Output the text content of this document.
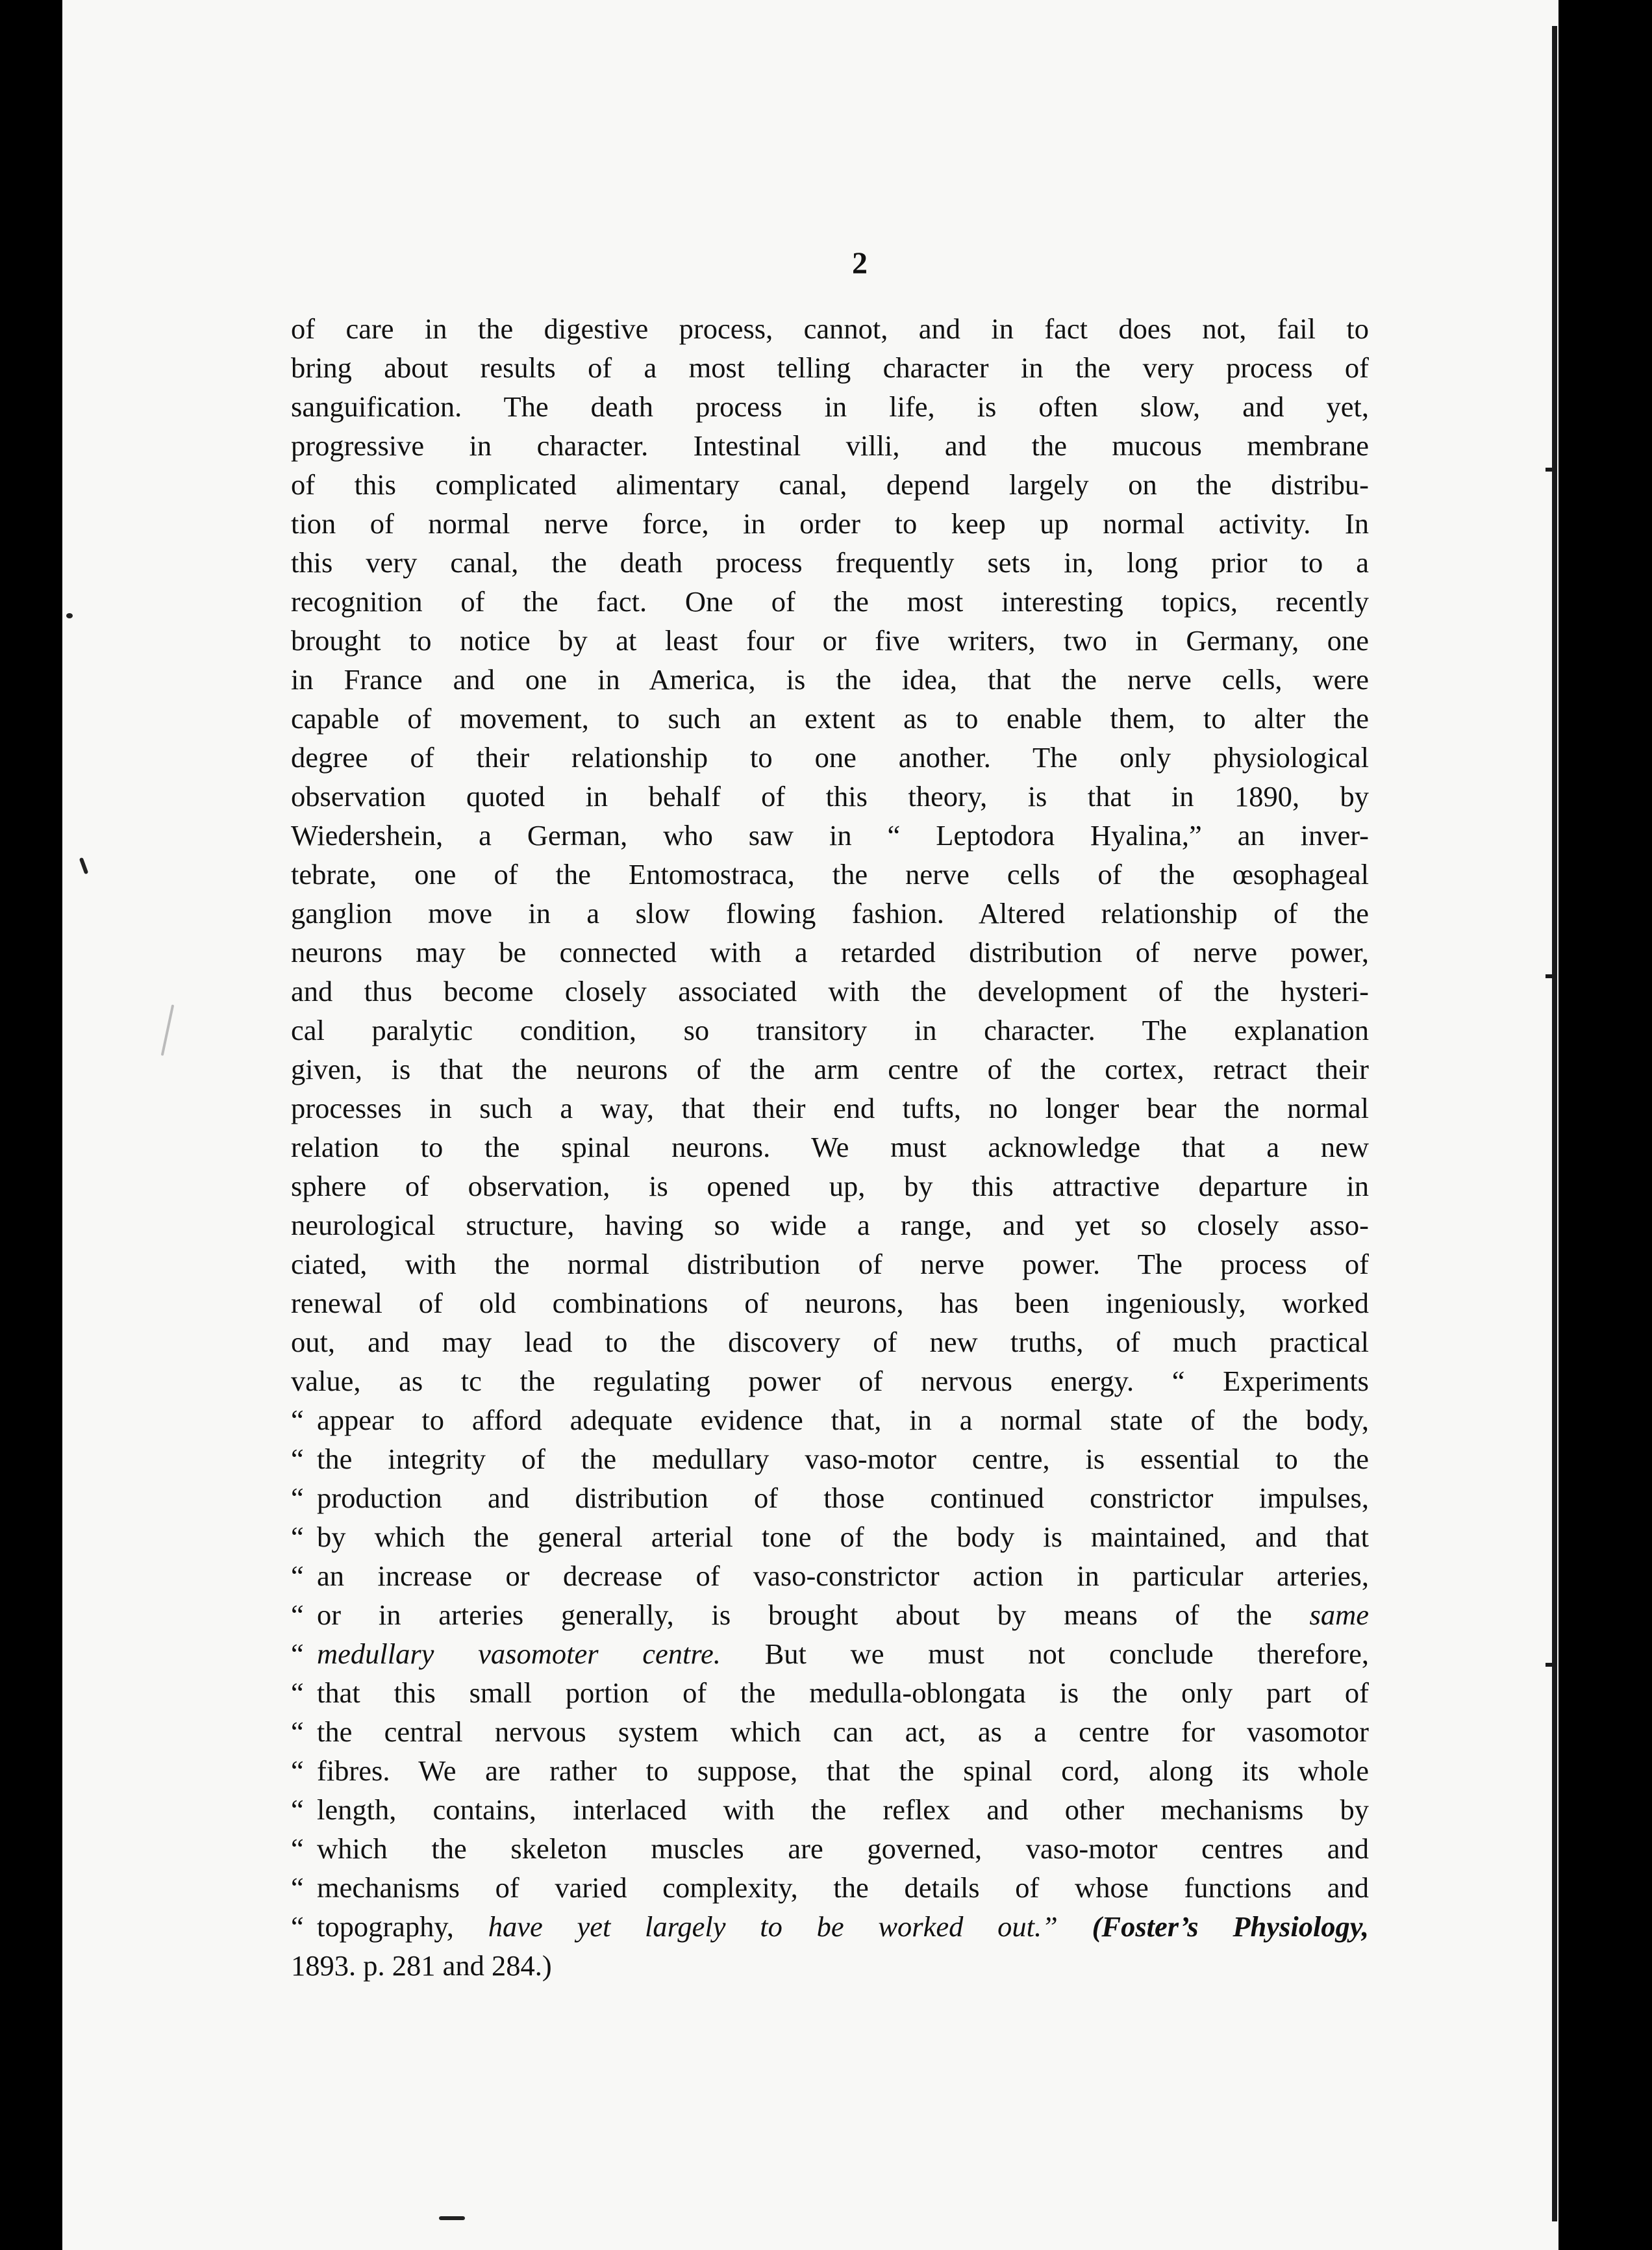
2
of care in the digestive process, cannot, and in fact does not, fail to
bring about results of a most telling character in the very process of
sanguification. The death process in life, is often slow, and yet,
progressive in character. Intestinal villi, and the mucous membrane
of this complicated alimentary canal, depend largely on the distribu-
tion of normal nerve force, in order to keep up normal activity. In
this very canal, the death process frequently sets in, long prior to a
recognition of the fact. One of the most interesting topics, recently
brought to notice by at least four or five writers, two in Germany, one
in France and one in America, is the idea, that the nerve cells, were
capable of movement, to such an extent as to enable them, to alter the
degree of their relationship to one another. The only physiological
observation quoted in behalf of this theory, is that in 1890, by
Wiedershein, a German, who saw in “ Leptodora Hyalina,” an inver-
tebrate, one of the Entomostraca, the nerve cells of the œsophageal
ganglion move in a slow flowing fashion. Altered relationship of the
neurons may be connected with a retarded distribution of nerve power,
and thus become closely associated with the development of the hysteri-
cal paralytic condition, so transitory in character. The explanation
given, is that the neurons of the arm centre of the cortex, retract their
processes in such a way, that their end tufts, no longer bear the normal
relation to the spinal neurons. We must acknowledge that a new
sphere of observation, is opened up, by this attractive departure in
neurological structure, having so wide a range, and yet so closely asso-
ciated, with the normal distribution of nerve power. The process of
renewal of old combinations of neurons, has been ingeniously, worked
out, and may lead to the discovery of new truths, of much practical
value, as tc the regulating power of nervous energy. “ Experiments
“ appear to afford adequate evidence that, in a normal state of the body,
“ the integrity of the medullary vaso-motor centre, is essential to the
“ production and distribution of those continued constrictor impulses,
“ by which the general arterial tone of the body is maintained, and that
“ an increase or decrease of vaso-constrictor action in particular arteries,
“ or in arteries generally, is brought about by means of the same
“ medullary vasomoter centre. But we must not conclude therefore,
“ that this small portion of the medulla-oblongata is the only part of
“ the central nervous system which can act, as a centre for vasomotor
“ fibres. We are rather to suppose, that the spinal cord, along its whole
“ length, contains, interlaced with the reflex and other mechanisms by
“ which the skeleton muscles are governed, vaso-motor centres and
“ mechanisms of varied complexity, the details of whose functions and
“ topography, have yet largely to be worked out.” (Foster’s Physiology,
1893. p. 281 and 284.)
